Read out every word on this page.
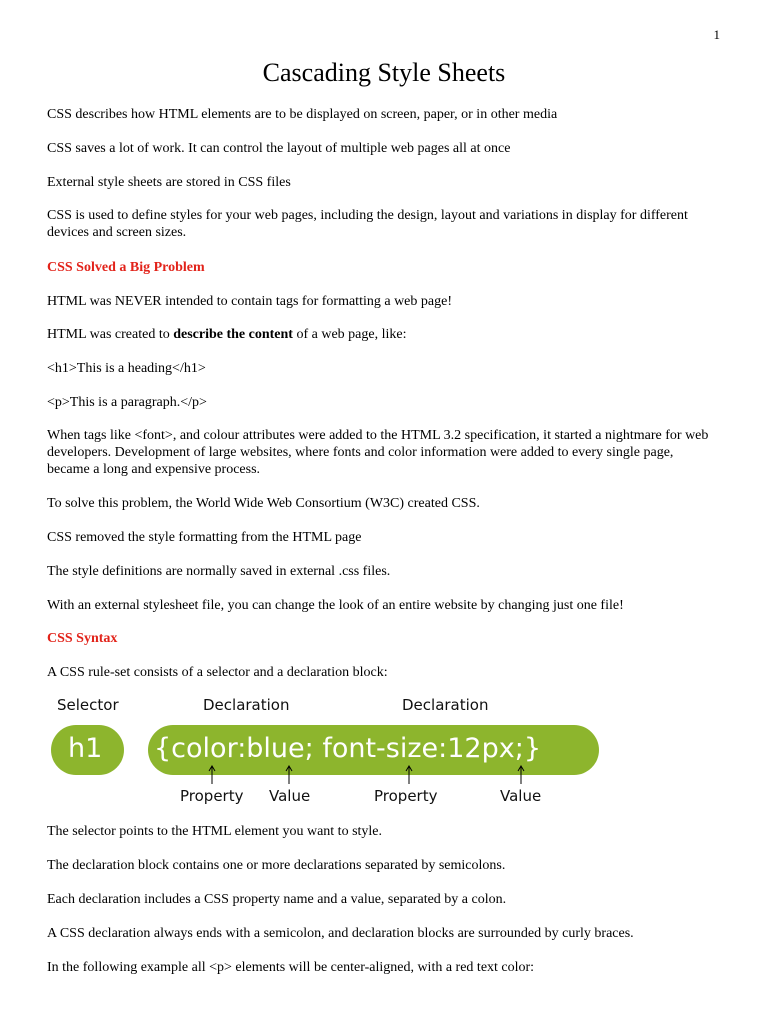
1
Cascading Style Sheets

CSS describes how HTML elements are to be displayed on screen, paper, or in other media

CSS saves a lot of work. It can control the layout of multiple web pages all at once

External style sheets are stored in CSS files

CSS is used to define styles for your web pages, including the design, layout and variations in display for different devices and screen sizes.

CSS Solved a Big Problem

HTML was NEVER intended to contain tags for formatting a web page!

HTML was created to describe the content of a web page, like:

<h1>This is a heading</h1>

<p>This is a paragraph.</p>

When tags like <font>, and colour attributes were added to the HTML 3.2 specification, it started a nightmare for web developers. Development of large websites, where fonts and color information were added to every single page, became a long and expensive process.

To solve this problem, the World Wide Web Consortium (W3C) created CSS.

CSS removed the style formatting from the HTML page

The style definitions are normally saved in external .css files.

With an external stylesheet file, you can change the look of an entire website by changing just one file!

CSS Syntax

A CSS rule-set consists of a selector and a declaration block:

Selector	Declaration	Declaration
h1 {color:blue; font-size:12px;}
Property Value	Property	Value

The selector points to the HTML element you want to style.

The declaration block contains one or more declarations separated by semicolons.

Each declaration includes a CSS property name and a value, separated by a colon.

A CSS declaration always ends with a semicolon, and declaration blocks are surrounded by curly braces.

In the following example all <p> elements will be center-aligned, with a red text color:
